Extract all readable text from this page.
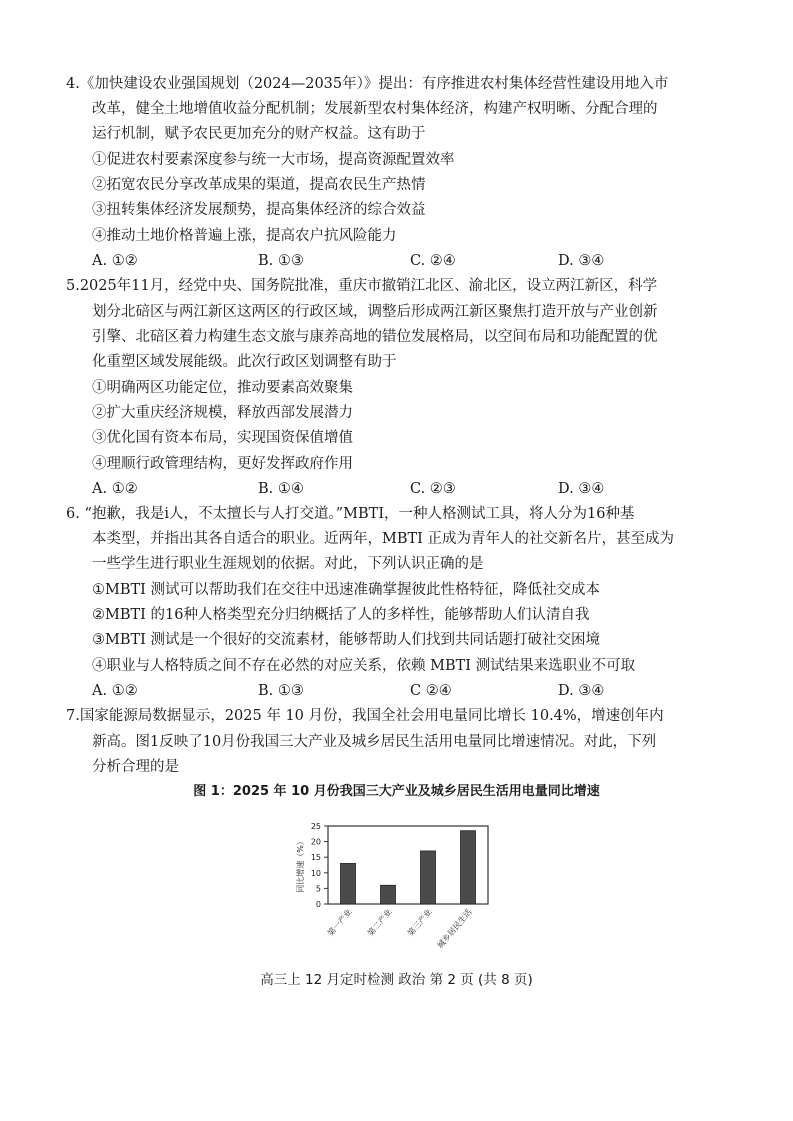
4.《加快建设农业强国规划（2024—2035年）》提出：有序推进农村集体经营性建设用地入市
改革，健全土地增值收益分配机制；发展新型农村集体经济，构建产权明晰、分配合理的
运行机制，赋予农民更加充分的财产权益。这有助于
①促进农村要素深度参与统一大市场，提高资源配置效率
②拓宽农民分享改革成果的渠道，提高农民生产热情
③扭转集体经济发展颓势，提高集体经济的综合效益
④推动土地价格普遍上涨，提高农户抗风险能力
A. ①②	B. ①③	C. ②④	D. ③④
5.2025年11月，经党中央、国务院批准，重庆市撤销江北区、渝北区，设立两江新区，科学
划分北碚区与两江新区这两区的行政区域，调整后形成两江新区聚焦打造开放与产业创新
引擎、北碚区着力构建生态文旅与康养高地的错位发展格局，以空间布局和功能配置的优
化重塑区域发展能级。此次行政区划调整有助于
①明确两区功能定位，推动要素高效聚集
②扩大重庆经济规模，释放西部发展潜力
③优化国有资本布局，实现国资保值增值
④理顺行政管理结构，更好发挥政府作用
A. ①②	B. ①④	C. ②③	D. ③④
6. “抱歉，我是i人，不太擅长与人打交道。”MBTI，一种人格测试工具，将人分为16种基
本类型，并指出其各自适合的职业。近两年，MBTI 正成为青年人的社交新名片，甚至成为
一些学生进行职业生涯规划的依据。对此，下列认识正确的是
①MBTI 测试可以帮助我们在交往中迅速准确掌握彼此性格特征，降低社交成本
②MBTI 的16种人格类型充分归纳概括了人的多样性，能够帮助人们认清自我
③MBTI 测试是一个很好的交流素材，能够帮助人们找到共同话题打破社交困境
④职业与人格特质之间不存在必然的对应关系，依赖 MBTI 测试结果来选职业不可取
A. ①②	B. ①③	C ②④	D. ③④
7.国家能源局数据显示，2025 年 10 月份，我国全社会用电量同比增长 10.4%，增速创年内
新高。图1反映了10月份我国三大产业及城乡居民生活用电量同比增速情况。对此，下列
分析合理的是
图 1：2025 年 10 月份我国三大产业及城乡居民生活用电量同比增速
0
5
10
15
20
25
同比增速（%）
第一产业 第二产业 第三产业 城乡居民生活
高三上 12 月定时检测 政治 第 2 页 (共 8 页)
